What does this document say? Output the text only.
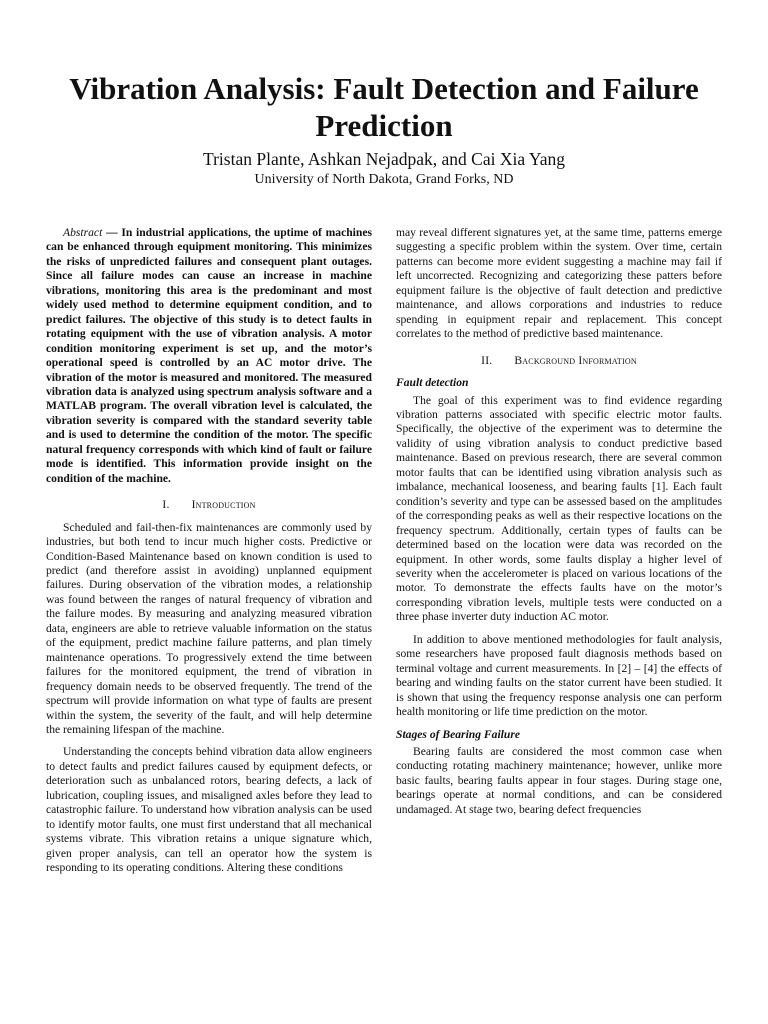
Vibration Analysis: Fault Detection and Failure Prediction
Tristan Plante, Ashkan Nejadpak, and Cai Xia Yang
University of North Dakota, Grand Forks, ND

Abstract — In industrial applications, the uptime of machines can be enhanced through equipment monitoring. This minimizes the risks of unpredicted failures and consequent plant outages. Since all failure modes can cause an increase in machine vibrations, monitoring this area is the predominant and most widely used method to determine equipment condition, and to predict failures. The objective of this study is to detect faults in rotating equipment with the use of vibration analysis. A motor condition monitoring experiment is set up, and the motor’s operational speed is controlled by an AC motor drive. The vibration of the motor is measured and monitored. The measured vibration data is analyzed using spectrum analysis software and a MATLAB program. The overall vibration level is calculated, the vibration severity is compared with the standard severity table and is used to determine the condition of the motor. The specific natural frequency corresponds with which kind of fault or failure mode is identified. This information provide insight on the condition of the machine.

I. Introduction

Scheduled and fail-then-fix maintenances are commonly used by industries, but both tend to incur much higher costs. Predictive or Condition-Based Maintenance based on known condition is used to predict (and therefore assist in avoiding) unplanned equipment failures. During observation of the vibration modes, a relationship was found between the ranges of natural frequency of vibration and the failure modes. By measuring and analyzing measured vibration data, engineers are able to retrieve valuable information on the status of the equipment, predict machine failure patterns, and plan timely maintenance operations. To progressively extend the time between failures for the monitored equipment, the trend of vibration in frequency domain needs to be observed frequently. The trend of the spectrum will provide information on what type of faults are present within the system, the severity of the fault, and will help determine the remaining lifespan of the machine.

Understanding the concepts behind vibration data allow engineers to detect faults and predict failures caused by equipment defects, or deterioration such as unbalanced rotors, bearing defects, a lack of lubrication, coupling issues, and misaligned axles before they lead to catastrophic failure. To understand how vibration analysis can be used to identify motor faults, one must first understand that all mechanical systems vibrate. This vibration retains a unique signature which, given proper analysis, can tell an operator how the system is responding to its operating conditions. Altering these conditions

may reveal different signatures yet, at the same time, patterns emerge suggesting a specific problem within the system. Over time, certain patterns can become more evident suggesting a machine may fail if left uncorrected. Recognizing and categorizing these patters before equipment failure is the objective of fault detection and predictive maintenance, and allows corporations and industries to reduce spending in equipment repair and replacement. This concept correlates to the method of predictive based maintenance.

II. Background Information
Fault detection

The goal of this experiment was to find evidence regarding vibration patterns associated with specific electric motor faults. Specifically, the objective of the experiment was to determine the validity of using vibration analysis to conduct predictive based maintenance. Based on previous research, there are several common motor faults that can be identified using vibration analysis such as imbalance, mechanical looseness, and bearing faults [1]. Each fault condition’s severity and type can be assessed based on the amplitudes of the corresponding peaks as well as their respective locations on the frequency spectrum. Additionally, certain types of faults can be determined based on the location were data was recorded on the equipment. In other words, some faults display a higher level of severity when the accelerometer is placed on various locations of the motor. To demonstrate the effects faults have on the motor’s corresponding vibration levels, multiple tests were conducted on a three phase inverter duty induction AC motor.

In addition to above mentioned methodologies for fault analysis, some researchers have proposed fault diagnosis methods based on terminal voltage and current measurements. In [2] – [4] the effects of bearing and winding faults on the stator current have been studied. It is shown that using the frequency response analysis one can perform health monitoring or life time prediction on the motor.

Stages of Bearing Failure

Bearing faults are considered the most common case when conducting rotating machinery maintenance; however, unlike more basic faults, bearing faults appear in four stages. During stage one, bearings operate at normal conditions, and can be considered undamaged. At stage two, bearing defect frequencies
